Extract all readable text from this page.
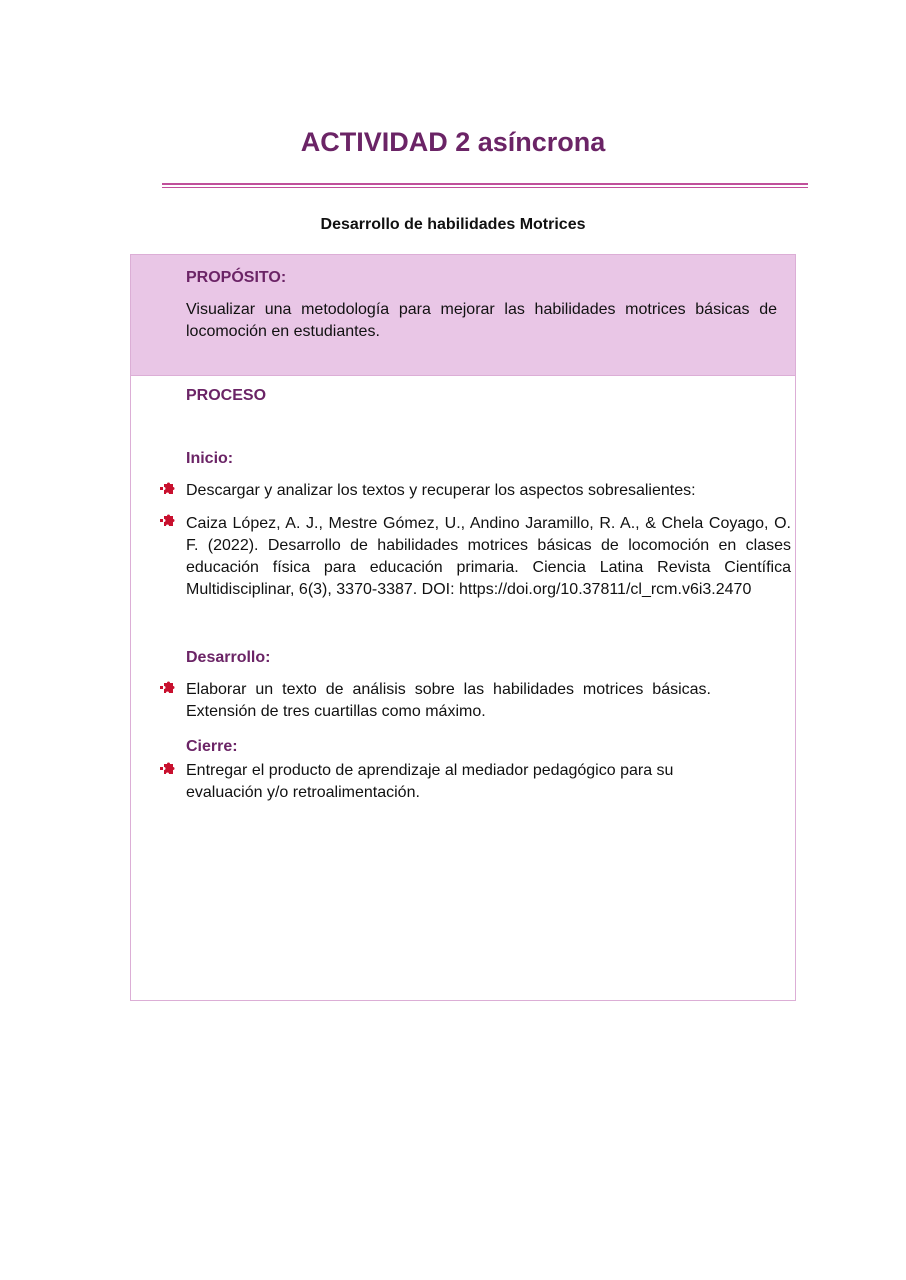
ACTIVIDAD 2 asíncrona
Desarrollo de habilidades Motrices
PROPÓSITO:
Visualizar una metodología para mejorar las habilidades motrices básicas de locomoción en estudiantes.
PROCESO
Inicio:
Descargar y analizar los textos y recuperar los aspectos sobresalientes:
Caiza López, A. J., Mestre Gómez, U., Andino Jaramillo, R. A., & Chela Coyago, O. F. (2022). Desarrollo de habilidades motrices básicas de locomoción en clases educación física para educación primaria. Ciencia Latina Revista Científica Multidisciplinar, 6(3), 3370-3387. DOI: https://doi.org/10.37811/cl_rcm.v6i3.2470
Desarrollo:
Elaborar un texto de análisis sobre las habilidades motrices básicas. Extensión de tres cuartillas como máximo.
Cierre:
Entregar el producto de aprendizaje al mediador pedagógico para su evaluación y/o retroalimentación.
